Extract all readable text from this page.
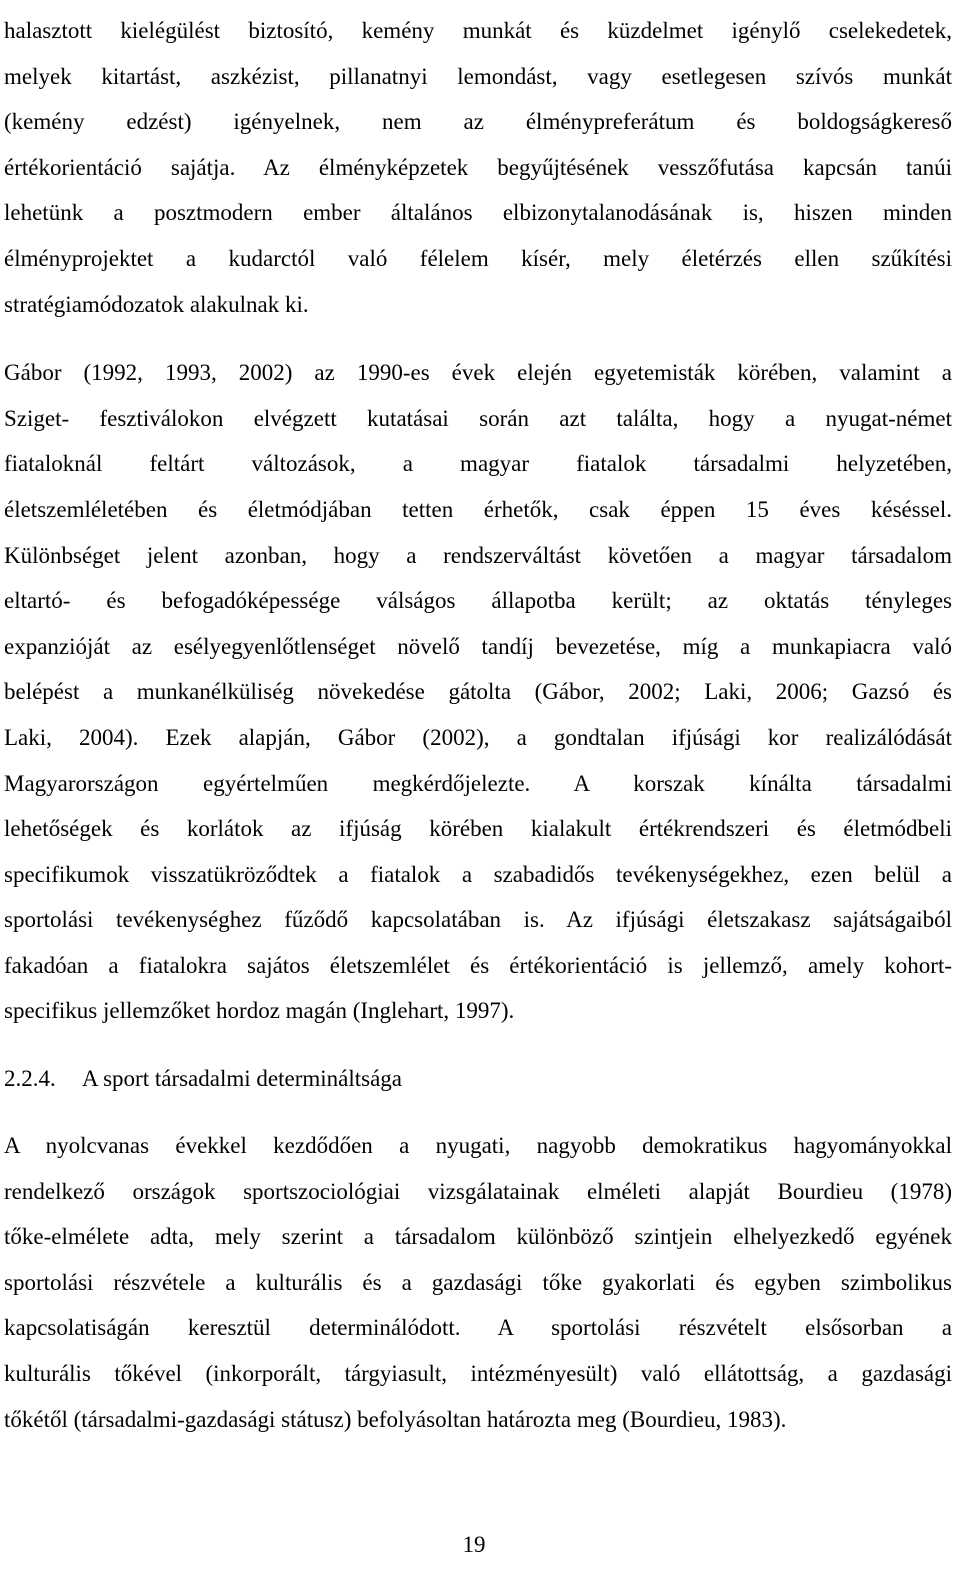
halasztott kielégülést biztosító, kemény munkát és küzdelmet igénylő cselekedetek,
melyek kitartást, aszkézist, pillanatnyi lemondást, vagy esetlegesen szívós munkát
(kemény edzést) igényelnek, nem az élménypreferátum és boldogságkereső
értékorientáció sajátja. Az élményképzetek begyűjtésének vesszőfutása kapcsán tanúi
lehetünk a posztmodern ember általános elbizonytalanodásának is, hiszen minden
élményprojektet a kudarctól való félelem kísér, mely életérzés ellen szűkítési
stratégiamódozatok alakulnak ki.
Gábor (1992, 1993, 2002) az 1990-es évek elején egyetemisták körében, valamint a
Sziget- fesztiválokon elvégzett kutatásai során azt találta, hogy a nyugat-német
fiataloknál feltárt változások, a magyar fiatalok társadalmi helyzetében,
életszemléletében és életmódjában tetten érhetők, csak éppen 15 éves késéssel.
Különbséget jelent azonban, hogy a rendszerváltást követően a magyar társadalom
eltartó- és befogadóképessége válságos állapotba került; az oktatás tényleges
expanzióját az esélyegyenlőtlenséget növelő tandíj bevezetése, míg a munkapiacra való
belépést a munkanélküliség növekedése gátolta (Gábor, 2002; Laki, 2006; Gazsó és
Laki, 2004). Ezek alapján, Gábor (2002), a gondtalan ifjúsági kor realizálódását
Magyarországon egyértelműen megkérdőjelezte. A korszak kínálta társadalmi
lehetőségek és korlátok az ifjúság körében kialakult értékrendszeri és életmódbeli
specifikumok visszatükröződtek a fiatalok a szabadidős tevékenységekhez, ezen belül a
sportolási tevékenységhez fűződő kapcsolatában is. Az ifjúsági életszakasz sajátságaiból
fakadóan a fiatalokra sajátos életszemlélet és értékorientáció is jellemző, amely kohort-
specifikus jellemzőket hordoz magán (Inglehart, 1997).
2.2.4. A sport társadalmi determináltsága
A nyolcvanas évekkel kezdődően a nyugati, nagyobb demokratikus hagyományokkal
rendelkező országok sportszociológiai vizsgálatainak elméleti alapját Bourdieu (1978)
tőke-elmélete adta, mely szerint a társadalom különböző szintjein elhelyezkedő egyének
sportolási részvétele a kulturális és a gazdasági tőke gyakorlati és egyben szimbolikus
kapcsolatiságán keresztül determinálódott. A sportolási részvételt elsősorban a
kulturális tőkével (inkorporált, tárgyiasult, intézményesült) való ellátottság, a gazdasági
tőkétől (társadalmi-gazdasági státusz) befolyásoltan határozta meg (Bourdieu, 1983).
19
